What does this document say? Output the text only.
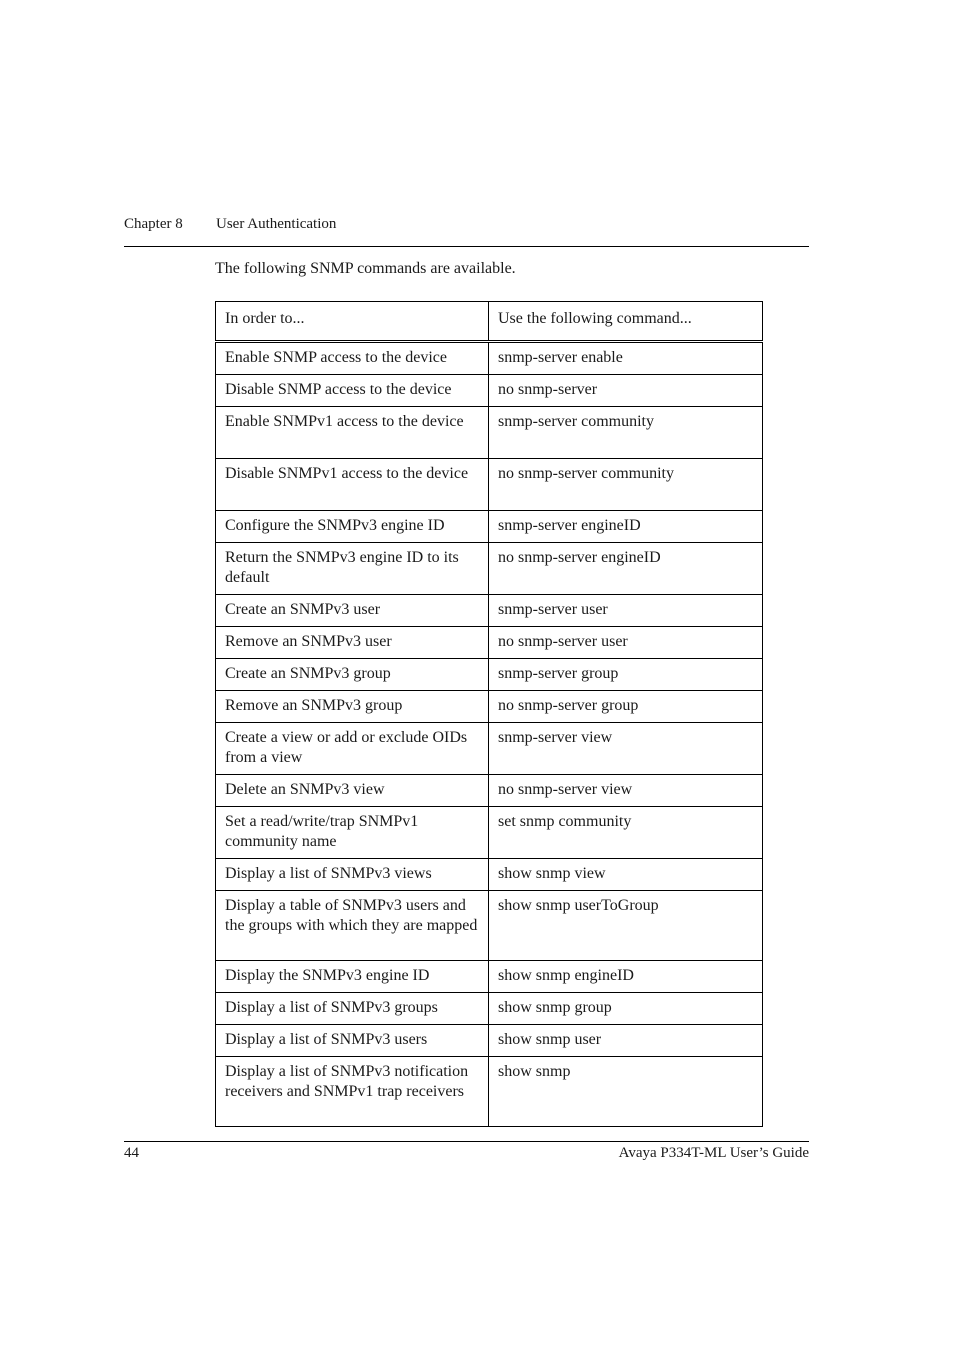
Chapter 8 User Authentication

The following SNMP commands are available.

In order to...	Use the following command...
Enable SNMP access to the device	snmp-server enable
Disable SNMP access to the device	no snmp-server
Enable SNMPv1 access to the device	snmp-server community
Disable SNMPv1 access to the device	no snmp-server community
Configure the SNMPv3 engine ID	snmp-server engineID
Return the SNMPv3 engine ID to its default	no snmp-server engineID
Create an SNMPv3 user	snmp-server user
Remove an SNMPv3 user	no snmp-server user
Create an SNMPv3 group	snmp-server group
Remove an SNMPv3 group	no snmp-server group
Create a view or add or exclude OIDs from a view	snmp-server view
Delete an SNMPv3 view	no snmp-server view
Set a read/write/trap SNMPv1 community name	set snmp community
Display a list of SNMPv3 views	show snmp view
Display a table of SNMPv3 users and the groups with which they are mapped	show snmp userToGroup
Display the SNMPv3 engine ID	show snmp engineID
Display a list of SNMPv3 groups	show snmp group
Display a list of SNMPv3 users	show snmp user
Display a list of SNMPv3 notification receivers and SNMPv1 trap receivers	show snmp
44	Avaya P334T-ML User’s Guide
